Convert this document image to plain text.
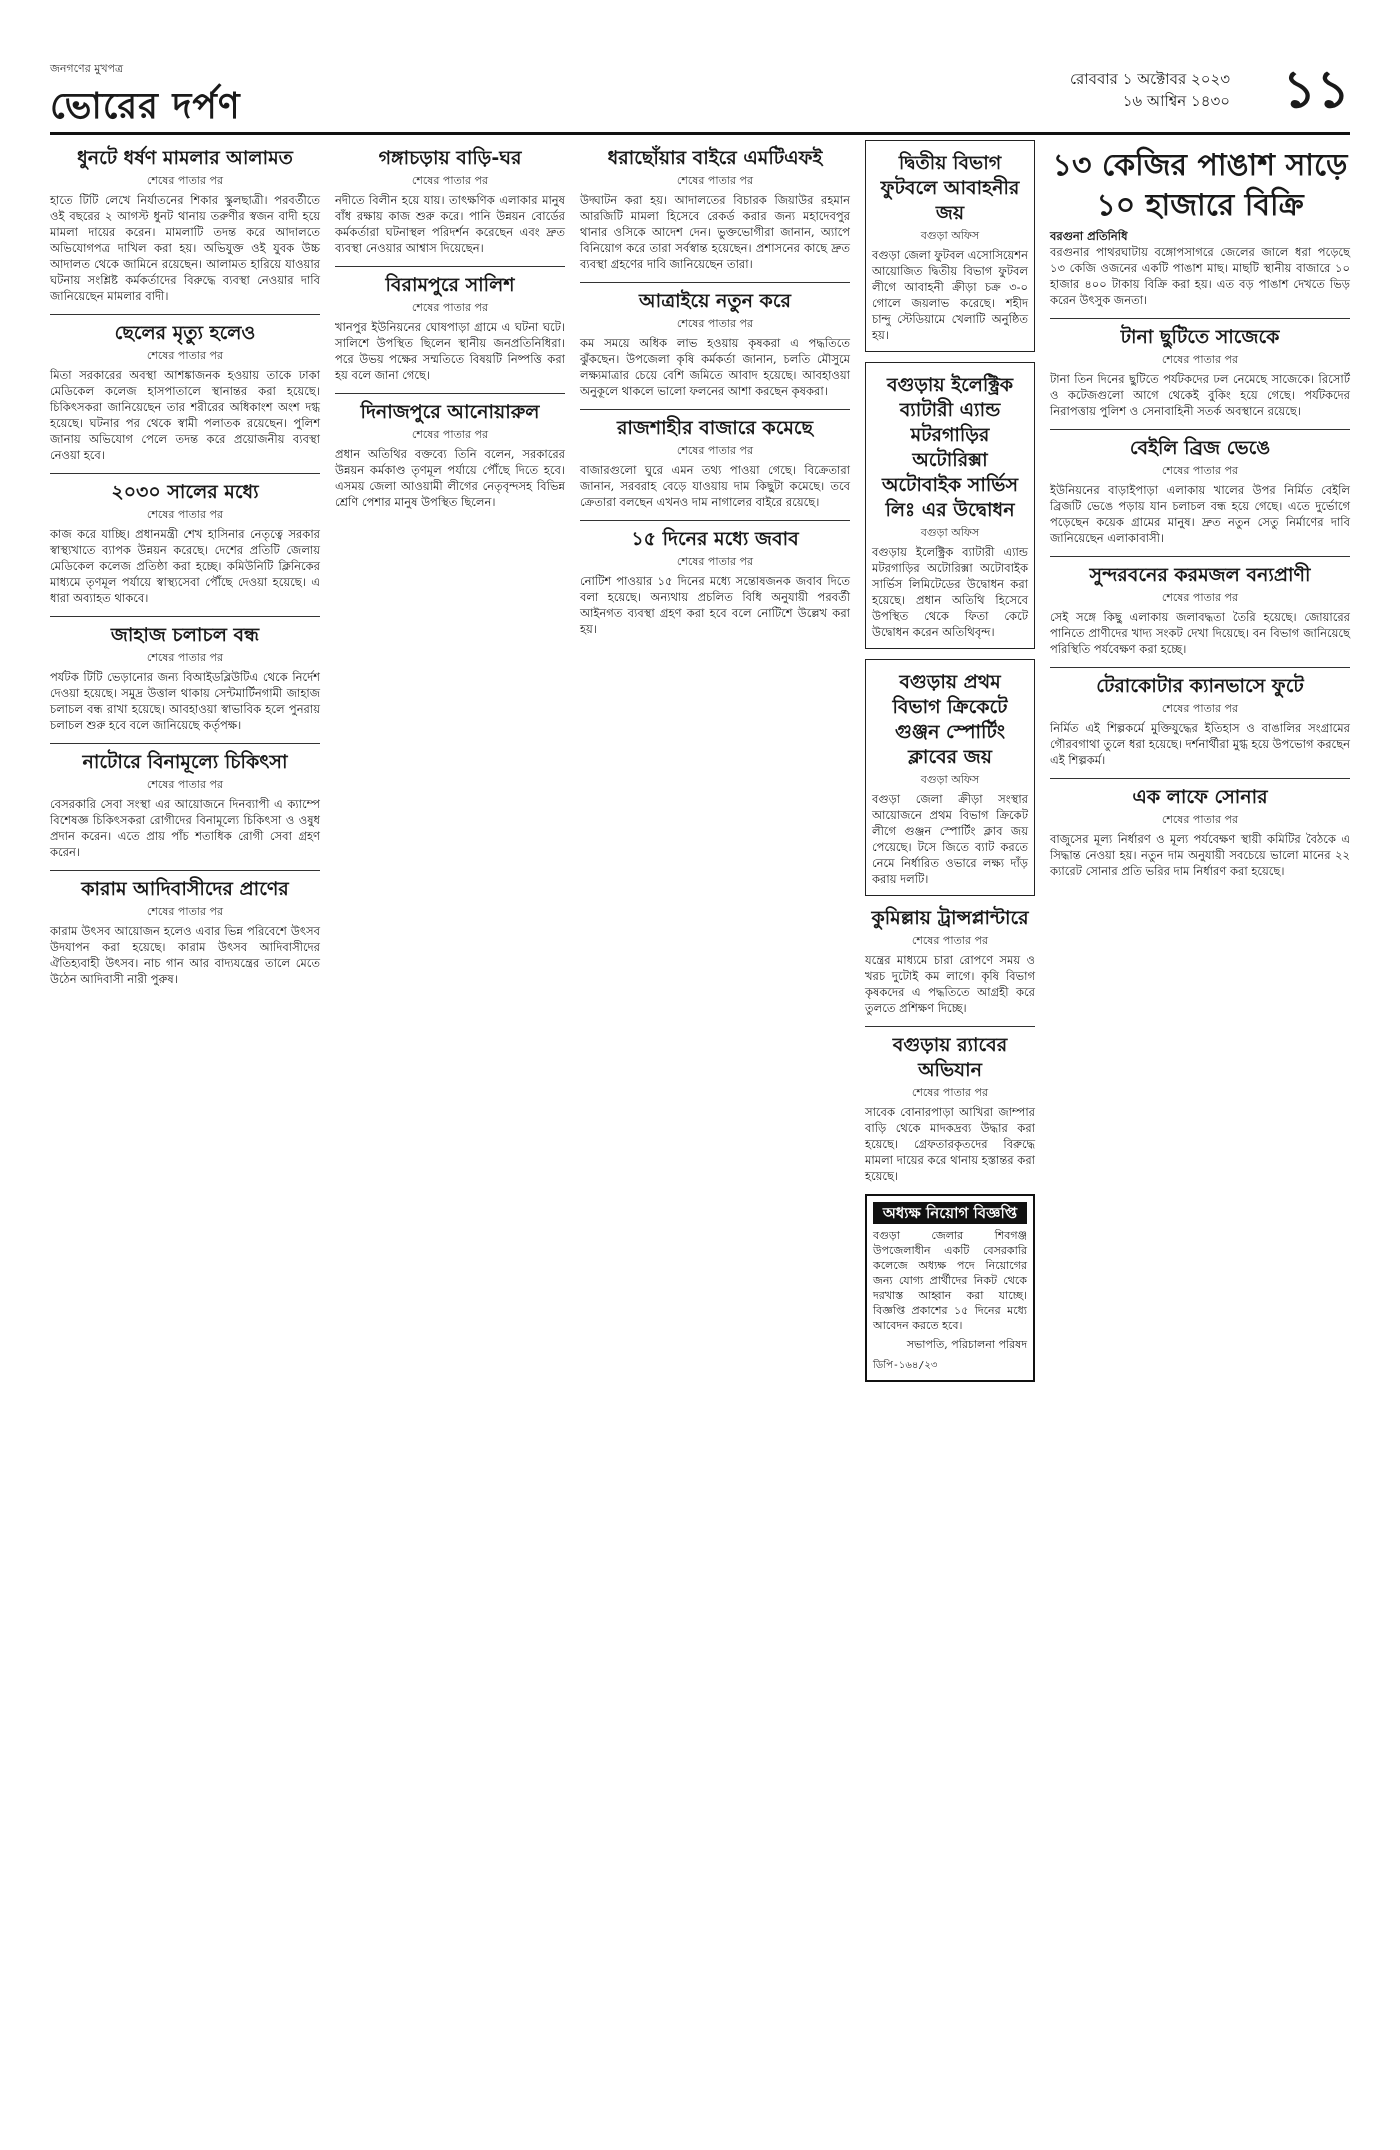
জনগণের মুখপত্র
ভোরের দর্পণ
রোববার ১ অক্টোবর ২০২৩
১৬ আশ্বিন ১৪৩০ ১১
ধুনটে ধর্ষণ মামলার আলামত
শেষের পাতার পর

হাতে টিটি লেখে নির্যাতনের শিকার স্কুলছাত্রী। পরবর্তীতে ওই বছরের ২ আগস্ট ধুনট থানায় তরুণীর স্বজন বাদী হয়ে মামলা দায়ের করেন। মামলাটি তদন্ত করে আদালতে অভিযোগপত্র দাখিল করা হয়। অভিযুক্ত ওই যুবক উচ্চ আদালত থেকে জামিনে রয়েছেন। আলামত হারিয়ে যাওয়ার ঘটনায় সংশ্লিষ্ট কর্মকর্তাদের বিরুদ্ধে ব্যবস্থা নেওয়ার দাবি জানিয়েছেন মামলার বাদী।

ছেলের মৃত্যু হলেও
শেষের পাতার পর

মিতা সরকারের অবস্থা আশঙ্কাজনক হওয়ায় তাকে ঢাকা মেডিকেল কলেজ হাসপাতালে স্থানান্তর করা হয়েছে। চিকিৎসকরা জানিয়েছেন তার শরীরের অধিকাংশ অংশ দগ্ধ হয়েছে। ঘটনার পর থেকে স্বামী পলাতক রয়েছেন। পুলিশ জানায় অভিযোগ পেলে তদন্ত করে প্রয়োজনীয় ব্যবস্থা নেওয়া হবে।

২০৩০ সালের মধ্যে
শেষের পাতার পর

কাজ করে যাচ্ছি। প্রধানমন্ত্রী শেখ হাসিনার নেতৃত্বে সরকার স্বাস্থ্যখাতে ব্যাপক উন্নয়ন করেছে। দেশের প্রতিটি জেলায় মেডিকেল কলেজ প্রতিষ্ঠা করা হচ্ছে। কমিউনিটি ক্লিনিকের মাধ্যমে তৃণমূল পর্যায়ে স্বাস্থ্যসেবা পৌঁছে দেওয়া হয়েছে। এ ধারা অব্যাহত থাকবে।

জাহাজ চলাচল বন্ধ
শেষের পাতার পর

পর্যটক টিটি ভেড়ানোর জন্য বিআইডব্লিউটিএ থেকে নির্দেশ দেওয়া হয়েছে। সমুদ্র উত্তাল থাকায় সেন্টমার্টিনগামী জাহাজ চলাচল বন্ধ রাখা হয়েছে। আবহাওয়া স্বাভাবিক হলে পুনরায় চলাচল শুরু হবে বলে জানিয়েছে কর্তৃপক্ষ।

নাটোরে বিনামূল্যে চিকিৎসা
শেষের পাতার পর

বেসরকারি সেবা সংস্থা এর আয়োজনে দিনব্যাপী এ ক্যাম্পে বিশেষজ্ঞ চিকিৎসকরা রোগীদের বিনামূল্যে চিকিৎসা ও ওষুধ প্রদান করেন। এতে প্রায় পাঁচ শতাধিক রোগী সেবা গ্রহণ করেন।

কারাম আদিবাসীদের প্রাণের
শেষের পাতার পর

কারাম উৎসব আয়োজন হলেও এবার ভিন্ন পরিবেশে উৎসব উদযাপন করা হয়েছে। কারাম উৎসব আদিবাসীদের ঐতিহ্যবাহী উৎসব। নাচ গান আর বাদ্যযন্ত্রের তালে মেতে উঠেন আদিবাসী নারী পুরুষ।

গঙ্গাচড়ায় বাড়ি-ঘর
শেষের পাতার পর

নদীতে বিলীন হয়ে যায়। তাৎক্ষণিক এলাকার মানুষ বাঁধ রক্ষায় কাজ শুরু করে। পানি উন্নয়ন বোর্ডের কর্মকর্তারা ঘটনাস্থল পরিদর্শন করেছেন এবং দ্রুত ব্যবস্থা নেওয়ার আশ্বাস দিয়েছেন।

বিরামপুরে সালিশ
শেষের পাতার পর

খানপুর ইউনিয়নের ঘোষপাড়া গ্রামে এ ঘটনা ঘটে। সালিশে উপস্থিত ছিলেন স্থানীয় জনপ্রতিনিধিরা। পরে উভয় পক্ষের সম্মতিতে বিষয়টি নিষ্পত্তি করা হয় বলে জানা গেছে।

দিনাজপুরে আনোয়ারুল
শেষের পাতার পর

প্রধান অতিথির বক্তব্যে তিনি বলেন, সরকারের উন্নয়ন কর্মকাণ্ড তৃণমূল পর্যায়ে পৌঁছে দিতে হবে। এসময় জেলা আওয়ামী লীগের নেতৃবৃন্দসহ বিভিন্ন শ্রেণি পেশার মানুষ উপস্থিত ছিলেন।

ধরাছোঁয়ার বাইরে এমটিএফই
শেষের পাতার পর

উদ্ঘাটন করা হয়। আদালতের বিচারক জিয়াউর রহমান আরজিটি মামলা হিসেবে রেকর্ড করার জন্য মহাদেবপুর থানার ওসিকে আদেশ দেন। ভুক্তভোগীরা জানান, অ্যাপে বিনিয়োগ করে তারা সর্বস্বান্ত হয়েছেন। প্রশাসনের কাছে দ্রুত ব্যবস্থা গ্রহণের দাবি জানিয়েছেন তারা।

আত্রাইয়ে নতুন করে
শেষের পাতার পর

কম সময়ে অধিক লাভ হওয়ায় কৃষকরা এ পদ্ধতিতে ঝুঁকছেন। উপজেলা কৃষি কর্মকর্তা জানান, চলতি মৌসুমে লক্ষ্যমাত্রার চেয়ে বেশি জমিতে আবাদ হয়েছে। আবহাওয়া অনুকূলে থাকলে ভালো ফলনের আশা করছেন কৃষকরা।

রাজশাহীর বাজারে কমেছে
শেষের পাতার পর

বাজারগুলো ঘুরে এমন তথ্য পাওয়া গেছে। বিক্রেতারা জানান, সরবরাহ বেড়ে যাওয়ায় দাম কিছুটা কমেছে। তবে ক্রেতারা বলছেন এখনও দাম নাগালের বাইরে রয়েছে।

১৫ দিনের মধ্যে জবাব
শেষের পাতার পর

নোটিশ পাওয়ার ১৫ দিনের মধ্যে সন্তোষজনক জবাব দিতে বলা হয়েছে। অন্যথায় প্রচলিত বিধি অনুযায়ী পরবর্তী আইনগত ব্যবস্থা গ্রহণ করা হবে বলে নোটিশে উল্লেখ করা হয়।

দ্বিতীয় বিভাগ ফুটবলে আবাহনীর জয়
বগুড়া অফিস

বগুড়া জেলা ফুটবল এসোসিয়েশন আয়োজিত দ্বিতীয় বিভাগ ফুটবল লীগে আবাহনী ক্রীড়া চক্র ৩-০ গোলে জয়লাভ করেছে। শহীদ চান্দু স্টেডিয়ামে খেলাটি অনুষ্ঠিত হয়।

বগুড়ায় ইলেক্ট্রিক ব্যাটারী এ্যান্ড মটরগাড়ির অটোরিক্সা অটোবাইক সার্ভিস লিঃ এর উদ্বোধন
বগুড়া অফিস

বগুড়ায় ইলেক্ট্রিক ব্যাটারী এ্যান্ড মটরগাড়ির অটোরিক্সা অটোবাইক সার্ভিস লিমিটেডের উদ্বোধন করা হয়েছে। প্রধান অতিথি হিসেবে উপস্থিত থেকে ফিতা কেটে উদ্বোধন করেন অতিথিবৃন্দ।

বগুড়ায় প্রথম বিভাগ ক্রিকেটে গুঞ্জন স্পোর্টিং ক্লাবের জয়
বগুড়া অফিস

বগুড়া জেলা ক্রীড়া সংস্থার আয়োজনে প্রথম বিভাগ ক্রিকেট লীগে গুঞ্জন স্পোর্টিং ক্লাব জয় পেয়েছে। টসে জিতে ব্যাট করতে নেমে নির্ধারিত ওভারে লক্ষ্য দাঁড় করায় দলটি।

কুমিল্লায় ট্রান্সপ্লান্টারে
শেষের পাতার পর

যন্ত্রের মাধ্যমে চারা রোপণে সময় ও খরচ দুটোই কম লাগে। কৃষি বিভাগ কৃষকদের এ পদ্ধতিতে আগ্রহী করে তুলতে প্রশিক্ষণ দিচ্ছে।

বগুড়ায় র‌্যাবের অভিযান
শেষের পাতার পর

সাবেক বোনারপাড়া আখিরা জাম্পার বাড়ি থেকে মাদকদ্রব্য উদ্ধার করা হয়েছে। গ্রেফতারকৃতদের বিরুদ্ধে মামলা দায়ের করে থানায় হস্তান্তর করা হয়েছে।

অধ্যক্ষ নিয়োগ বিজ্ঞপ্তি
বগুড়া জেলার শিবগঞ্জ উপজেলাধীন একটি বেসরকারি কলেজে অধ্যক্ষ পদে নিয়োগের জন্য যোগ্য প্রার্থীদের নিকট থেকে দরখাস্ত আহ্বান করা যাচ্ছে। বিজ্ঞপ্তি প্রকাশের ১৫ দিনের মধ্যে আবেদন করতে হবে।
সভাপতি, পরিচালনা পরিষদ
ডিপি-১৬৪/২৩
১৩ কেজির পাঙাশ সাড়ে ১০ হাজারে বিক্রি
বরগুনা প্রতিনিধি

বরগুনার পাথরঘাটায় বঙ্গোপসাগরে জেলের জালে ধরা পড়েছে ১৩ কেজি ওজনের একটি পাঙাশ মাছ। মাছটি স্থানীয় বাজারে ১০ হাজার ৪০০ টাকায় বিক্রি করা হয়। এত বড় পাঙাশ দেখতে ভিড় করেন উৎসুক জনতা।

টানা ছুটিতে সাজেকে
শেষের পাতার পর

টানা তিন দিনের ছুটিতে পর্যটকদের ঢল নেমেছে সাজেকে। রিসোর্ট ও কটেজগুলো আগে থেকেই বুকিং হয়ে গেছে। পর্যটকদের নিরাপত্তায় পুলিশ ও সেনাবাহিনী সতর্ক অবস্থানে রয়েছে।

বেইলি ব্রিজ ভেঙে
শেষের পাতার পর

ইউনিয়নের বাড়াইপাড়া এলাকায় খালের উপর নির্মিত বেইলি ব্রিজটি ভেঙে পড়ায় যান চলাচল বন্ধ হয়ে গেছে। এতে দুর্ভোগে পড়েছেন কয়েক গ্রামের মানুষ। দ্রুত নতুন সেতু নির্মাণের দাবি জানিয়েছেন এলাকাবাসী।

সুন্দরবনের করমজল বন্যপ্রাণী
শেষের পাতার পর

সেই সঙ্গে কিছু এলাকায় জলাবদ্ধতা তৈরি হয়েছে। জোয়ারের পানিতে প্রাণীদের খাদ্য সংকট দেখা দিয়েছে। বন বিভাগ জানিয়েছে পরিস্থিতি পর্যবেক্ষণ করা হচ্ছে।

টেরাকোটার ক্যানভাসে ফুটে
শেষের পাতার পর

নির্মিত এই শিল্পকর্মে মুক্তিযুদ্ধের ইতিহাস ও বাঙালির সংগ্রামের গৌরবগাথা তুলে ধরা হয়েছে। দর্শনার্থীরা মুগ্ধ হয়ে উপভোগ করছেন এই শিল্পকর্ম।

এক লাফে সোনার
শেষের পাতার পর

বাজুসের মূল্য নির্ধারণ ও মূল্য পর্যবেক্ষণ স্থায়ী কমিটির বৈঠকে এ সিদ্ধান্ত নেওয়া হয়। নতুন দাম অনুযায়ী সবচেয়ে ভালো মানের ২২ ক্যারেট সোনার প্রতি ভরির দাম নির্ধারণ করা হয়েছে।
